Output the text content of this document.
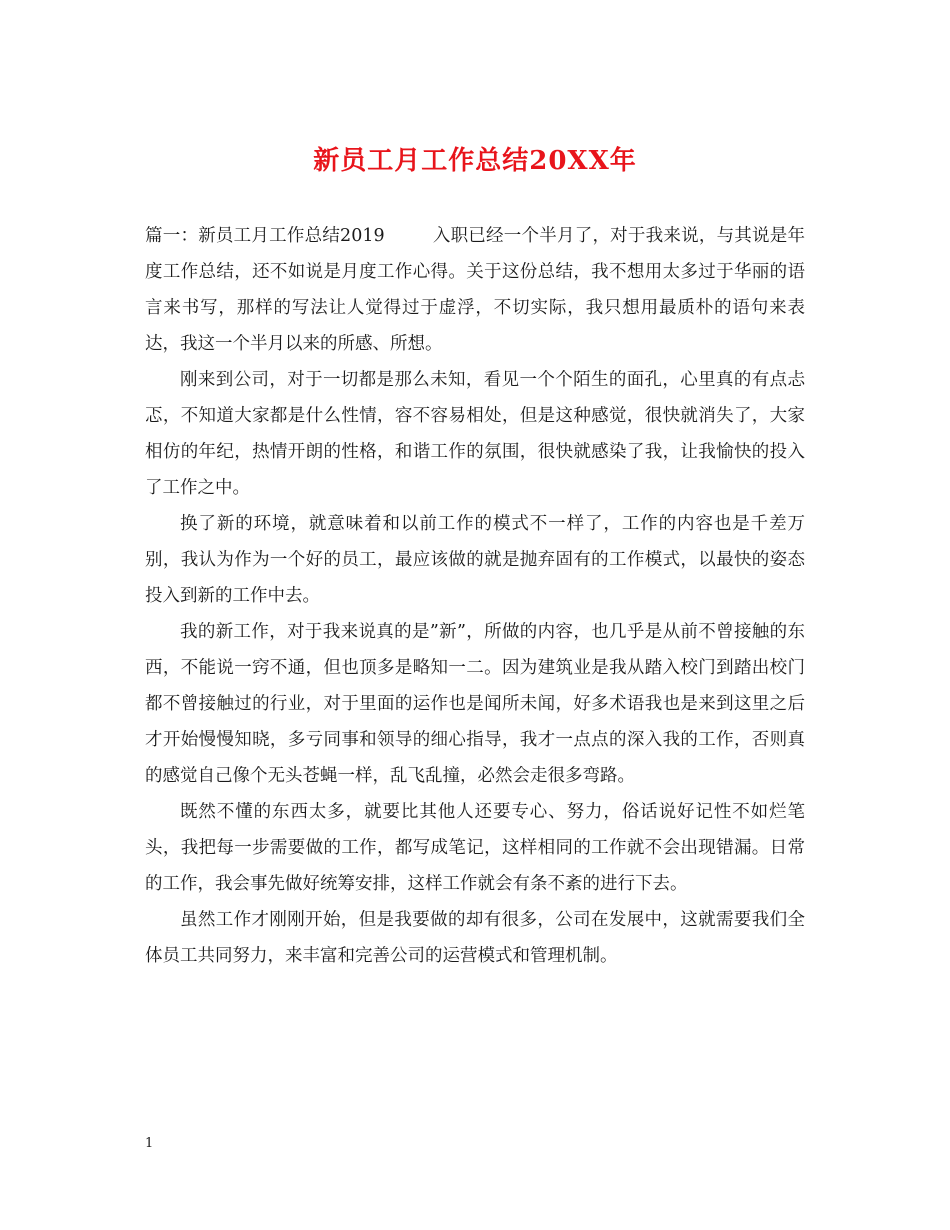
新员工月工作总结20XX年

篇一：新员工月工作总结2019	入职已经一个半月了，对于我来说，与其说是年度工作总结，还不如说是月度工作心得。关于这份总结，我不想用太多过于华丽的语言来书写，那样的写法让人觉得过于虚浮，不切实际，我只想用最质朴的语句来表达，我这一个半月以来的所感、所想。

刚来到公司，对于一切都是那么未知，看见一个个陌生的面孔，心里真的有点忐忑，不知道大家都是什么性情，容不容易相处，但是这种感觉，很快就消失了，大家相仿的年纪，热情开朗的性格，和谐工作的氛围，很快就感染了我，让我愉快的投入了工作之中。

换了新的环境，就意味着和以前工作的模式不一样了，工作的内容也是千差万别，我认为作为一个好的员工，最应该做的就是抛弃固有的工作模式，以最快的姿态投入到新的工作中去。

我的新工作，对于我来说真的是”新”，所做的内容，也几乎是从前不曾接触的东西，不能说一窍不通，但也顶多是略知一二。因为建筑业是我从踏入校门到踏出校门都不曾接触过的行业，对于里面的运作也是闻所未闻，好多术语我也是来到这里之后才开始慢慢知晓，多亏同事和领导的细心指导，我才一点点的深入我的工作，否则真的感觉自己像个无头苍蝇一样，乱飞乱撞，必然会走很多弯路。

既然不懂的东西太多，就要比其他人还要专心、努力，俗话说好记性不如烂笔头，我把每一步需要做的工作，都写成笔记，这样相同的工作就不会出现错漏。日常的工作，我会事先做好统筹安排，这样工作就会有条不紊的进行下去。

虽然工作才刚刚开始，但是我要做的却有很多，公司在发展中，这就需要我们全体员工共同努力，来丰富和完善公司的运营模式和管理机制。

1
